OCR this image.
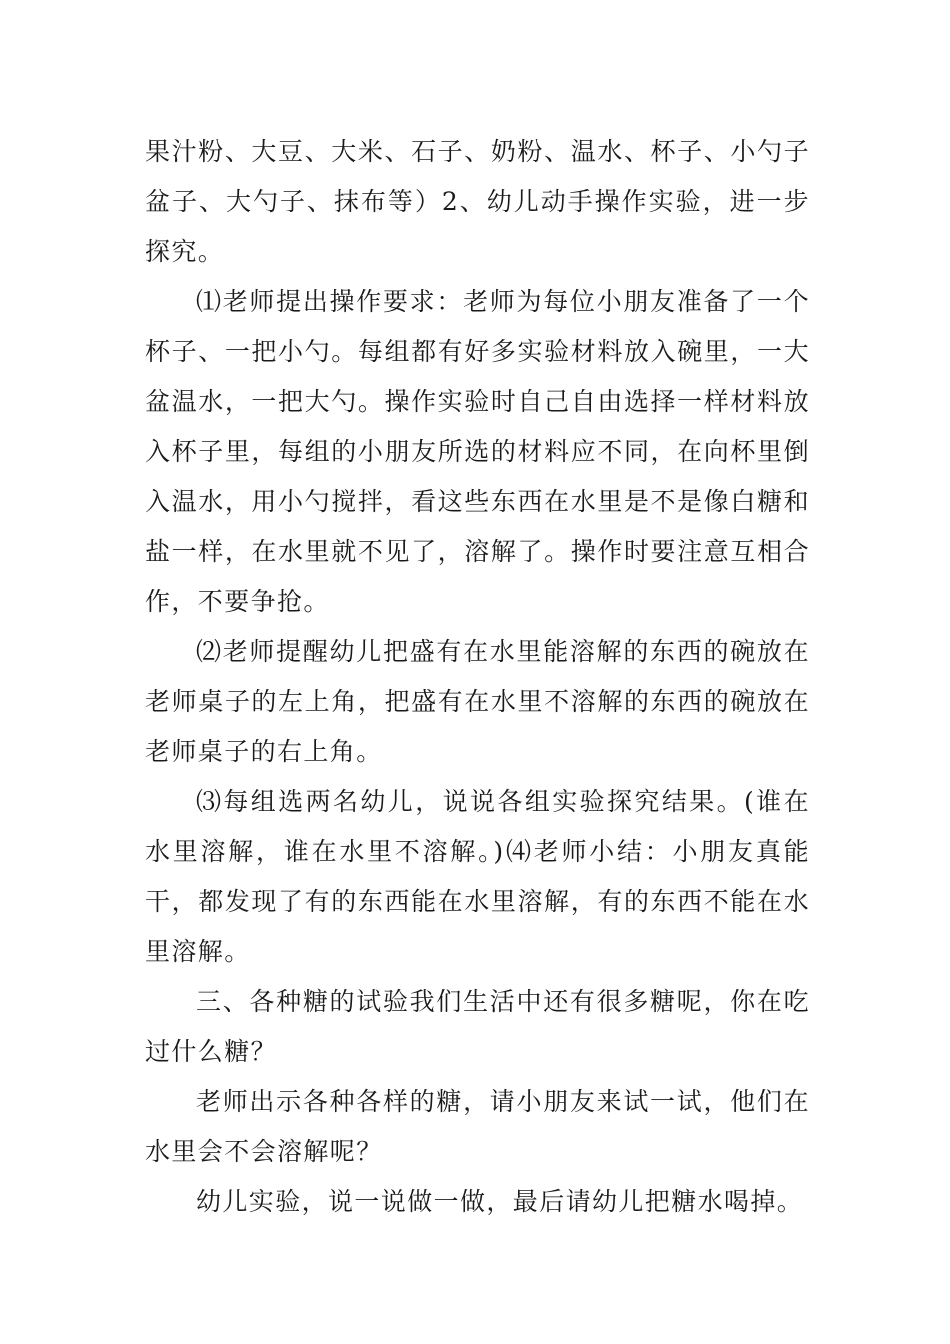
果汁粉、大豆、大米、石子、奶粉、温水、杯子、小勺子盆子、大勺子、抹布等）2、幼儿动手操作实验，进一步探究。

⑴老师提出操作要求：老师为每位小朋友准备了一个杯子、一把小勺。每组都有好多实验材料放入碗里，一大盆温水，一把大勺。操作实验时自己自由选择一样材料放入杯子里，每组的小朋友所选的材料应不同，在向杯里倒入温水，用小勺搅拌，看这些东西在水里是不是像白糖和盐一样，在水里就不见了，溶解了。操作时要注意互相合作，不要争抢。

⑵老师提醒幼儿把盛有在水里能溶解的东西的碗放在老师桌子的左上角，把盛有在水里不溶解的东西的碗放在老师桌子的右上角。

⑶每组选两名幼儿，说说各组实验探究结果。(谁在水里溶解，谁在水里不溶解。)⑷老师小结：小朋友真能干，都发现了有的东西能在水里溶解，有的东西不能在水里溶解。

三、各种糖的试验我们生活中还有很多糖呢，你在吃过什么糖？

老师出示各种各样的糖，请小朋友来试一试，他们在水里会不会溶解呢？

幼儿实验，说一说做一做，最后请幼儿把糖水喝掉。
